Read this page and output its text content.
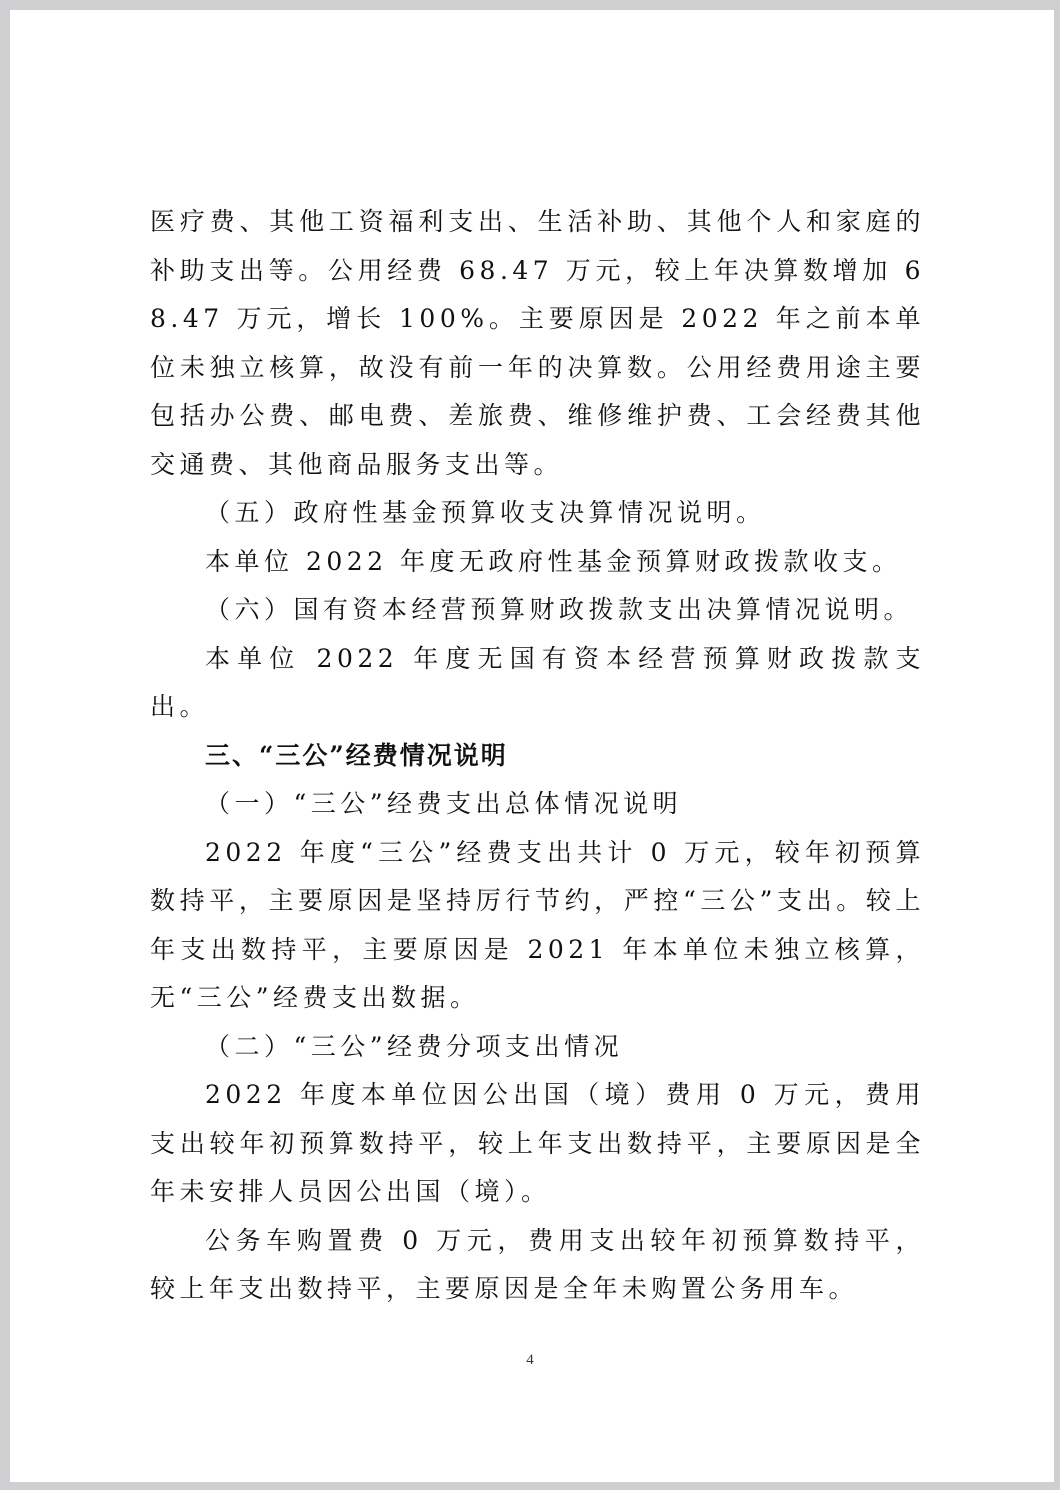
医疗费、其他工资福利支出、生活补助、其他个人和家庭的补助支出等。公用经费 68.47 万元，较上年决算数增加 68.47 万元，增长 100%。主要原因是 2022 年之前本单位未独立核算，故没有前一年的决算数。公用经费用途主要包括办公费、邮电费、差旅费、维修维护费、工会经费其他交通费、其他商品服务支出等。

（五）政府性基金预算收支决算情况说明。

本单位 2022 年度无政府性基金预算财政拨款收支。

（六）国有资本经营预算财政拨款支出决算情况说明。

本单位 2022 年度无国有资本经营预算财政拨款支出。

三、“三公”经费情况说明

（一）“三公”经费支出总体情况说明

2022 年度“三公”经费支出共计 0 万元，较年初预算数持平，主要原因是坚持厉行节约，严控“三公”支出。较上年支出数持平，主要原因是 2021 年本单位未独立核算，无“三公”经费支出数据。

（二）“三公”经费分项支出情况

2022 年度本单位因公出国（境）费用 0 万元，费用支出较年初预算数持平，较上年支出数持平，主要原因是全年未安排人员因公出国（境）。

公务车购置费 0 万元，费用支出较年初预算数持平，较上年支出数持平，主要原因是全年未购置公务用车。

4
